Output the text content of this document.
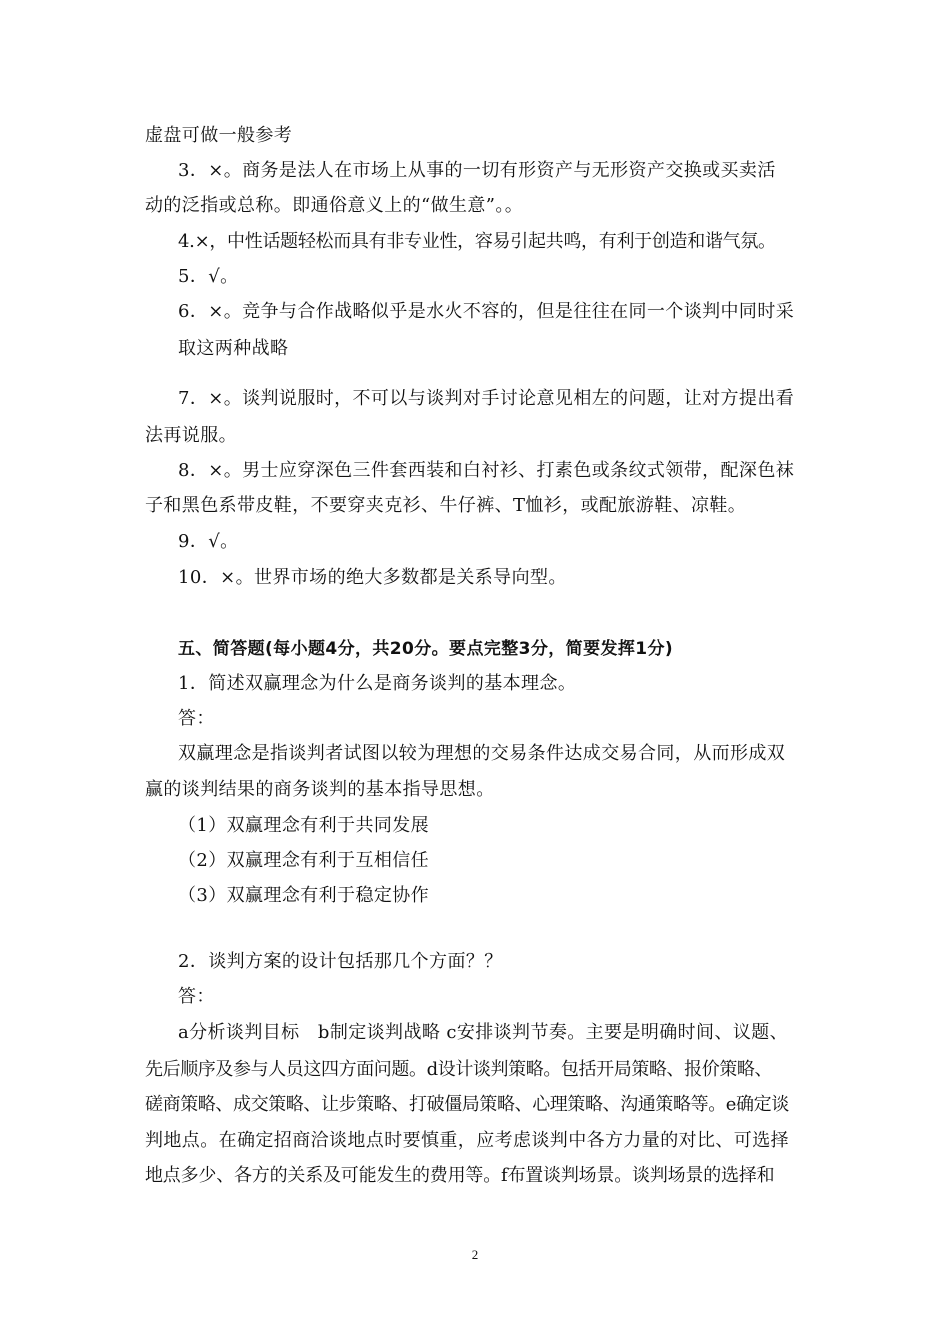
虚盘可做一般参考
3．×。商务是法人在市场上从事的一切有形资产与无形资产交换或买卖活
动的泛指或总称。即通俗意义上的“做生意”。。
4.×，中性话题轻松而具有非专业性，容易引起共鸣，有利于创造和谐气氛。
5．√。
6．×。竞争与合作战略似乎是水火不容的，但是往往在同一个谈判中同时采
取这两种战略
7．×。谈判说服时，不可以与谈判对手讨论意见相左的问题，让对方提出看
法再说服。
8．×。男士应穿深色三件套西装和白衬衫、打素色或条纹式领带，配深色袜
子和黑色系带皮鞋，不要穿夹克衫、牛仔裤、T恤衫，或配旅游鞋、凉鞋。
9．√。
10．×。世界市场的绝大多数都是关系导向型。
五、简答题(每小题4分，共20分。要点完整3分，简要发挥1分)
1．简述双赢理念为什么是商务谈判的基本理念。
答：
双赢理念是指谈判者试图以较为理想的交易条件达成交易合同，从而形成双
赢的谈判结果的商务谈判的基本指导思想。
（1）双赢理念有利于共同发展
（2）双赢理念有利于互相信任
（3）双赢理念有利于稳定协作
2．谈判方案的设计包括那几个方面？？
答：
a分析谈判目标　b制定谈判战略 c安排谈判节奏。主要是明确时间、议题、
先后顺序及参与人员这四方面问题。d设计谈判策略。包括开局策略、报价策略、
磋商策略、成交策略、让步策略、打破僵局策略、心理策略、沟通策略等。e确定谈
判地点。在确定招商洽谈地点时要慎重，应考虑谈判中各方力量的对比、可选择
地点多少、各方的关系及可能发生的费用等。f布置谈判场景。谈判场景的选择和
2
